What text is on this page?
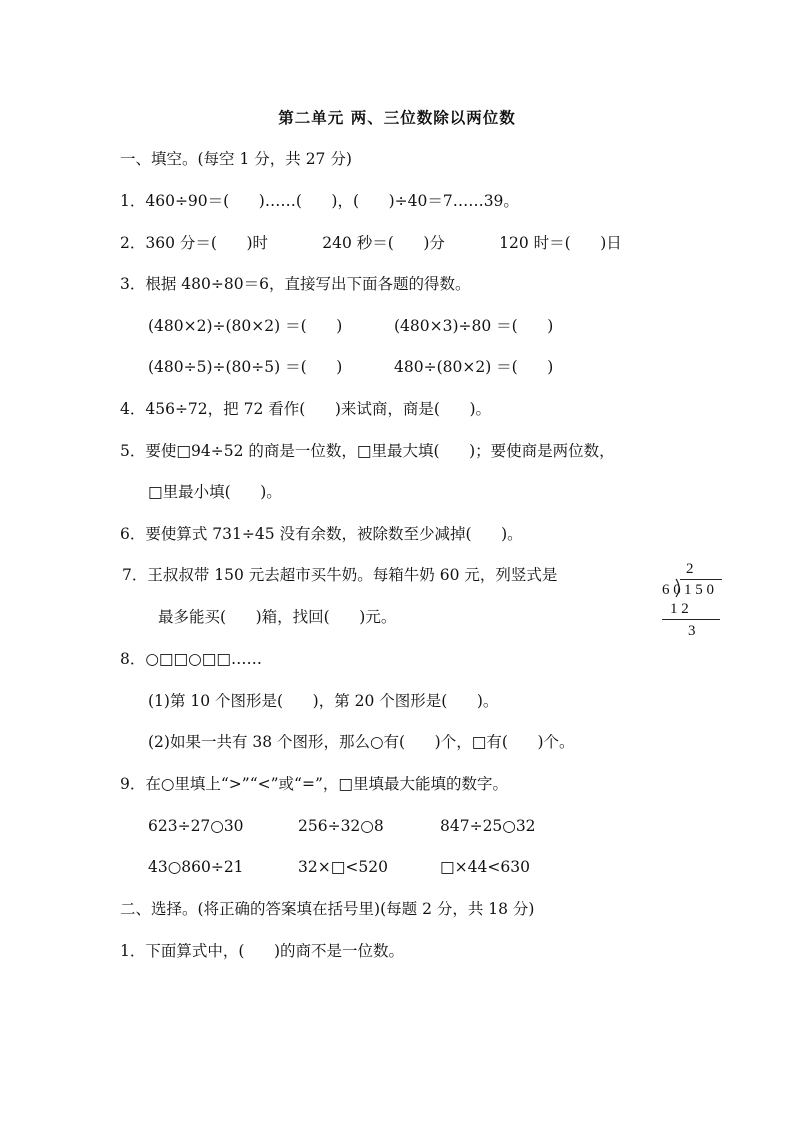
第二单元 两、三位数除以两位数
一、填空。(每空 1 分，共 27 分)
1．460÷90＝(      )……(      )，(      )÷40＝7……39。
2．360 分＝(      )时           240 秒＝(      )分           120 时＝(      )日
3．根据 480÷80＝6，直接写出下面各题的得数。
(480×2)÷(80×2) ＝(      )	(480×3)÷80 ＝(      )
(480÷5)÷(80÷5) ＝(      )	480÷(80×2) ＝(      )
4．456÷72，把 72 看作(      )来试商，商是(      )。
5．要使□94÷52 的商是一位数，□里最大填(      )；要使商是两位数，
□里最小填(      )。
6．要使算式 731÷45 没有余数，被除数至少减掉(      )。
7．王叔叔带 150 元去超市买牛奶。每箱牛奶 60 元，列竖式是
最多能买(      )箱，找回(      )元。
2
6 0 1 5 0
1 2
3
8．○□□○□□……
(1)第 10 个图形是(      )，第 20 个图形是(      )。
(2)如果一共有 38 个图形，那么○有(      )个，□有(      )个。
9．在○里填上“>”“<”或“=”，□里填最大能填的数字。
623÷27○30	256÷32○8	847÷25○32
43○860÷21	32×□<520	□×44<630
二、选择。(将正确的答案填在括号里)(每题 2 分，共 18 分)
1．下面算式中，(      )的商不是一位数。
